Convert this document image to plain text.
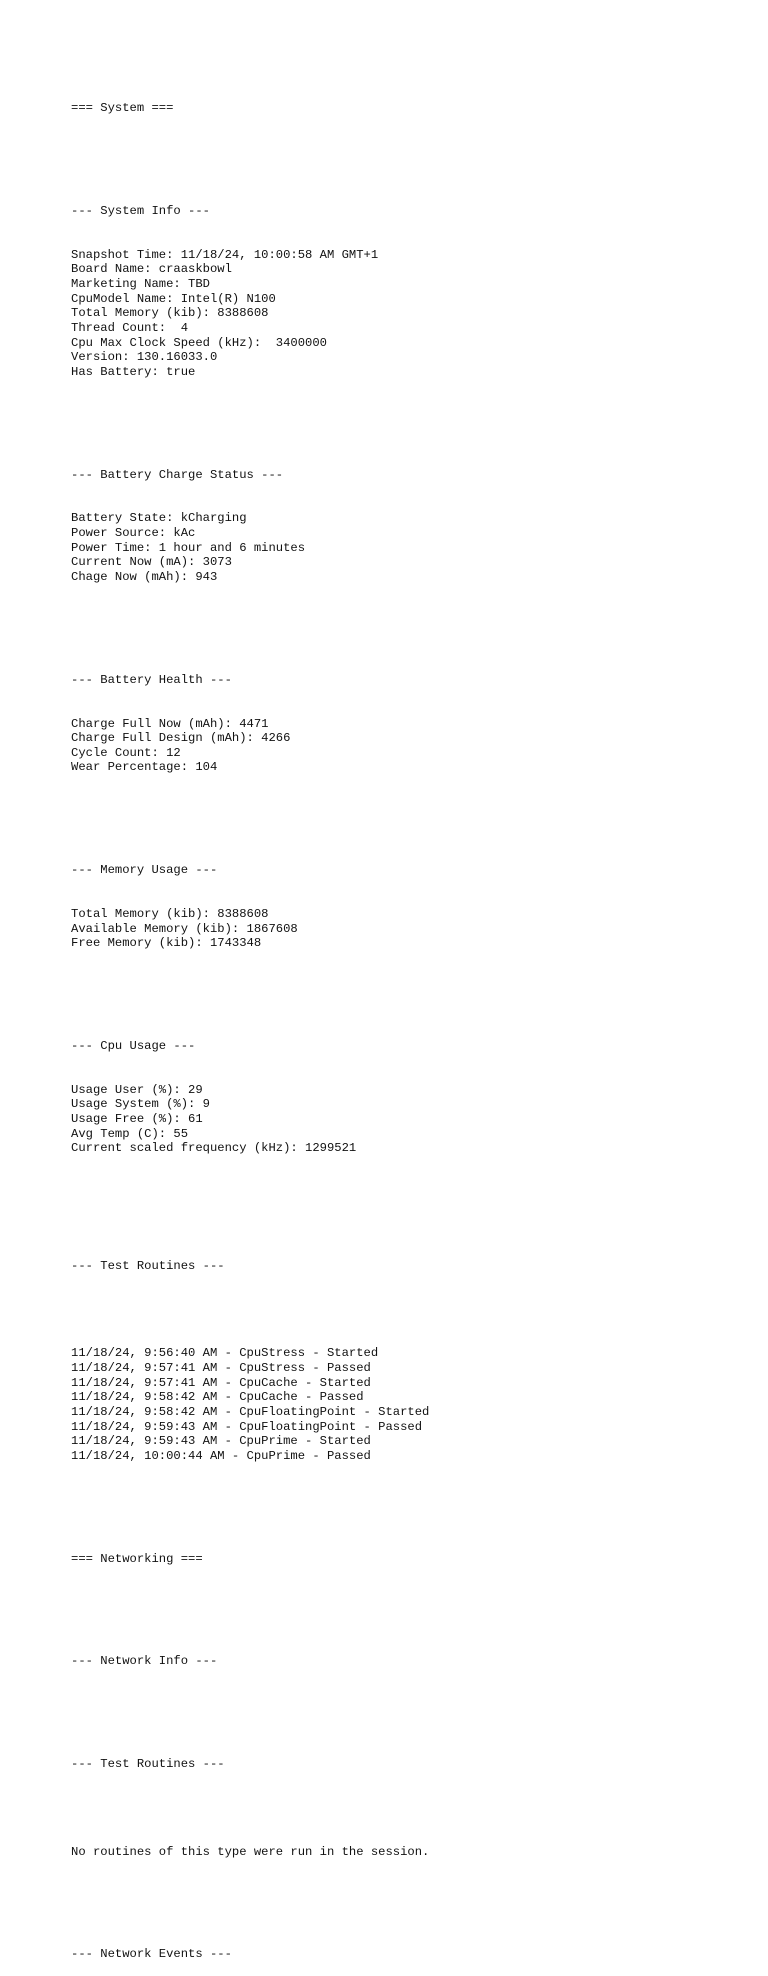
=== System ===

--- System Info ---

Snapshot Time: 11/18/24, 10:00:58 AM GMT+1
Board Name: craaskbowl
Marketing Name: TBD
CpuModel Name: Intel(R) N100
Total Memory (kib): 8388608
Thread Count:  4
Cpu Max Clock Speed (kHz):  3400000
Version: 130.16033.0
Has Battery: true

--- Battery Charge Status ---

Battery State: kCharging
Power Source: kAc
Power Time: 1 hour and 6 minutes
Current Now (mA): 3073
Chage Now (mAh): 943

--- Battery Health ---

Charge Full Now (mAh): 4471
Charge Full Design (mAh): 4266
Cycle Count: 12
Wear Percentage: 104

--- Memory Usage ---

Total Memory (kib): 8388608
Available Memory (kib): 1867608
Free Memory (kib): 1743348

--- Cpu Usage ---

Usage User (%): 29
Usage System (%): 9
Usage Free (%): 61
Avg Temp (C): 55
Current scaled frequency (kHz): 1299521

--- Test Routines ---

11/18/24, 9:56:40 AM - CpuStress - Started
11/18/24, 9:57:41 AM - CpuStress - Passed
11/18/24, 9:57:41 AM - CpuCache - Started
11/18/24, 9:58:42 AM - CpuCache - Passed
11/18/24, 9:58:42 AM - CpuFloatingPoint - Started
11/18/24, 9:59:43 AM - CpuFloatingPoint - Passed
11/18/24, 9:59:43 AM - CpuPrime - Started
11/18/24, 10:00:44 AM - CpuPrime - Passed

=== Networking ===

--- Network Info ---

--- Test Routines ---

No routines of this type were run in the session.

--- Network Events ---
